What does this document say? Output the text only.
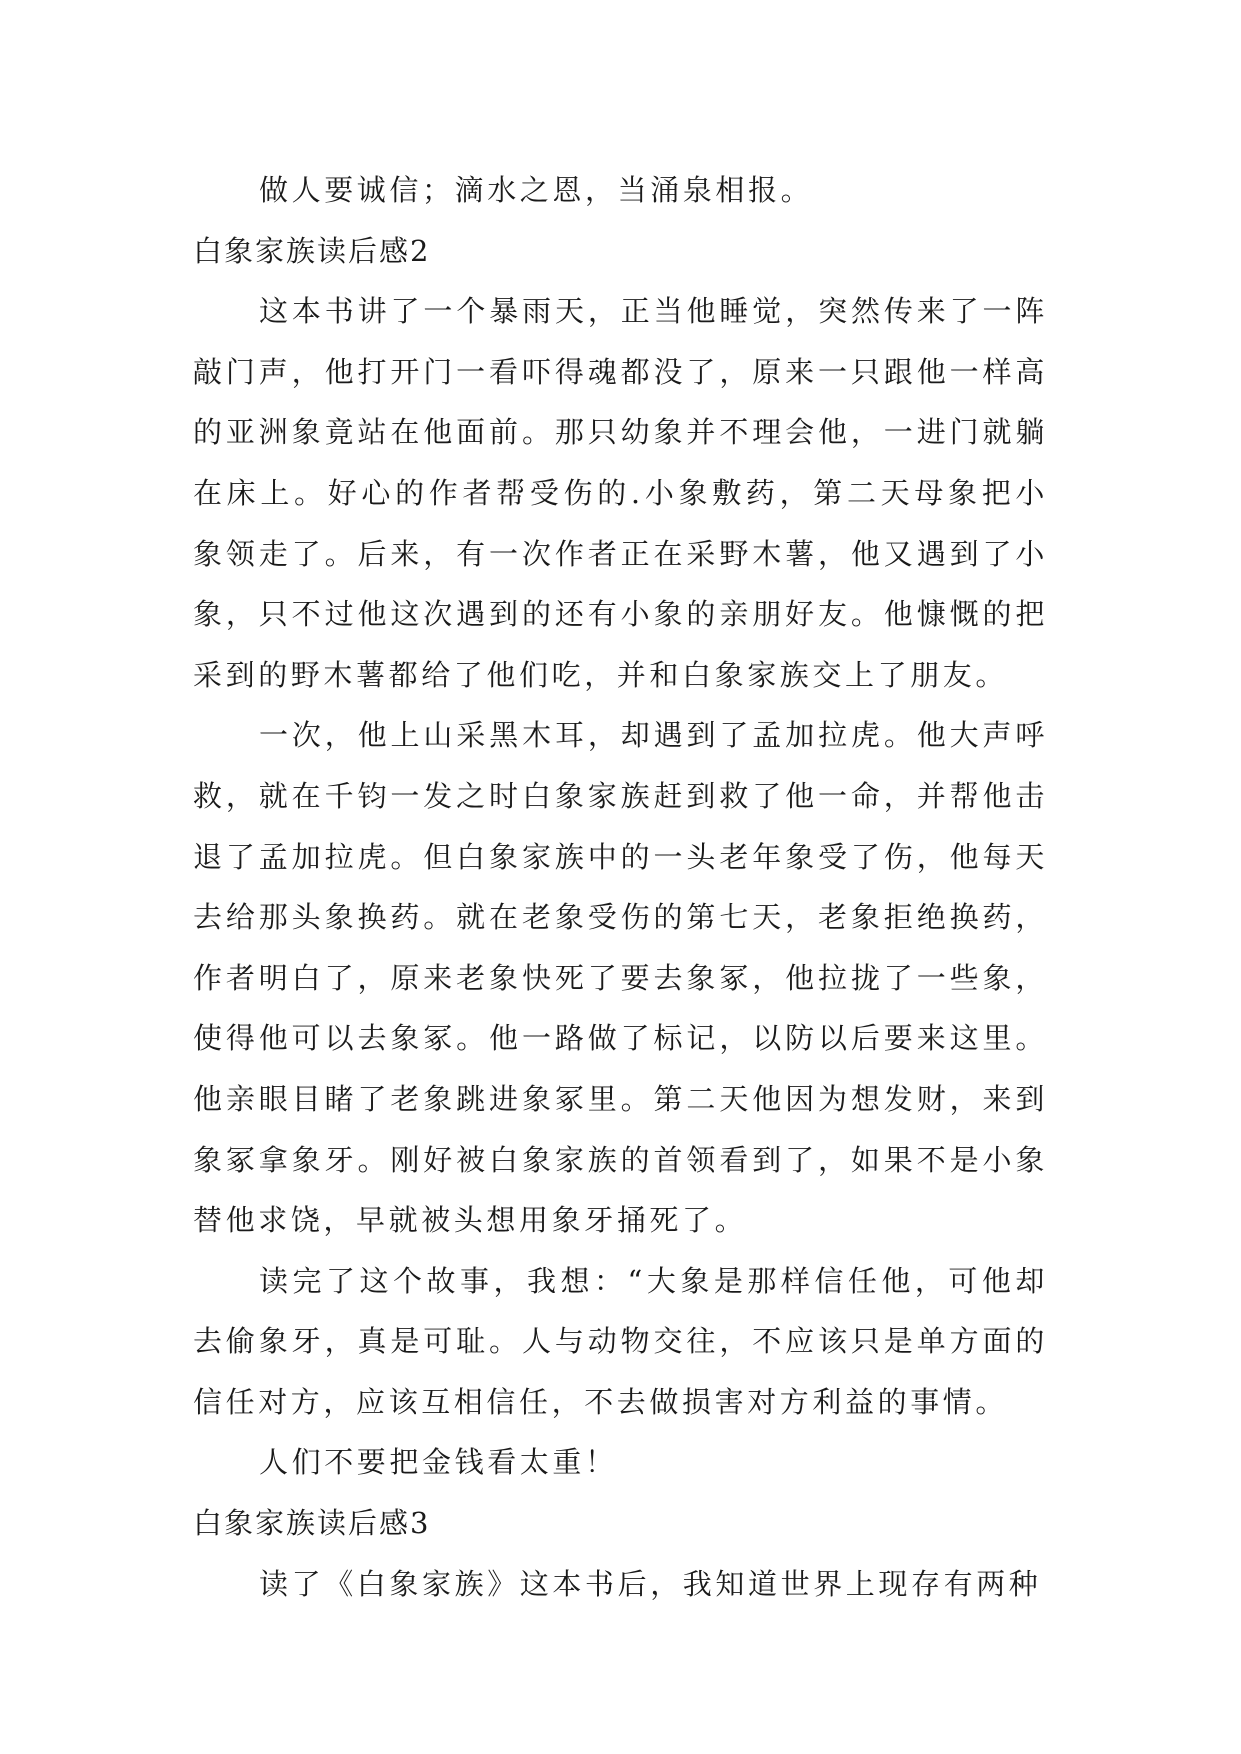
做人要诚信；滴水之恩，当涌泉相报。

白象家族读后感2

这本书讲了一个暴雨天，正当他睡觉，突然传来了一阵敲门声，他打开门一看吓得魂都没了，原来一只跟他一样高的亚洲象竟站在他面前。那只幼象并不理会他，一进门就躺在床上。好心的作者帮受伤的.小象敷药，第二天母象把小象领走了。后来，有一次作者正在采野木薯，他又遇到了小象，只不过他这次遇到的还有小象的亲朋好友。他慷慨的把采到的野木薯都给了他们吃，并和白象家族交上了朋友。

一次，他上山采黑木耳，却遇到了孟加拉虎。他大声呼救，就在千钧一发之时白象家族赶到救了他一命，并帮他击退了孟加拉虎。但白象家族中的一头老年象受了伤，他每天去给那头象换药。就在老象受伤的第七天，老象拒绝换药，作者明白了，原来老象快死了要去象冢，他拉拢了一些象，使得他可以去象冢。他一路做了标记，以防以后要来这里。他亲眼目睹了老象跳进象冢里。第二天他因为想发财，来到象冢拿象牙。刚好被白象家族的首领看到了，如果不是小象替他求饶，早就被头想用象牙捅死了。

读完了这个故事，我想：“大象是那样信任他，可他却去偷象牙，真是可耻。人与动物交往，不应该只是单方面的信任对方，应该互相信任，不去做损害对方利益的事情。

人们不要把金钱看太重！

白象家族读后感3

读了《白象家族》这本书后，我知道世界上现存有两种
